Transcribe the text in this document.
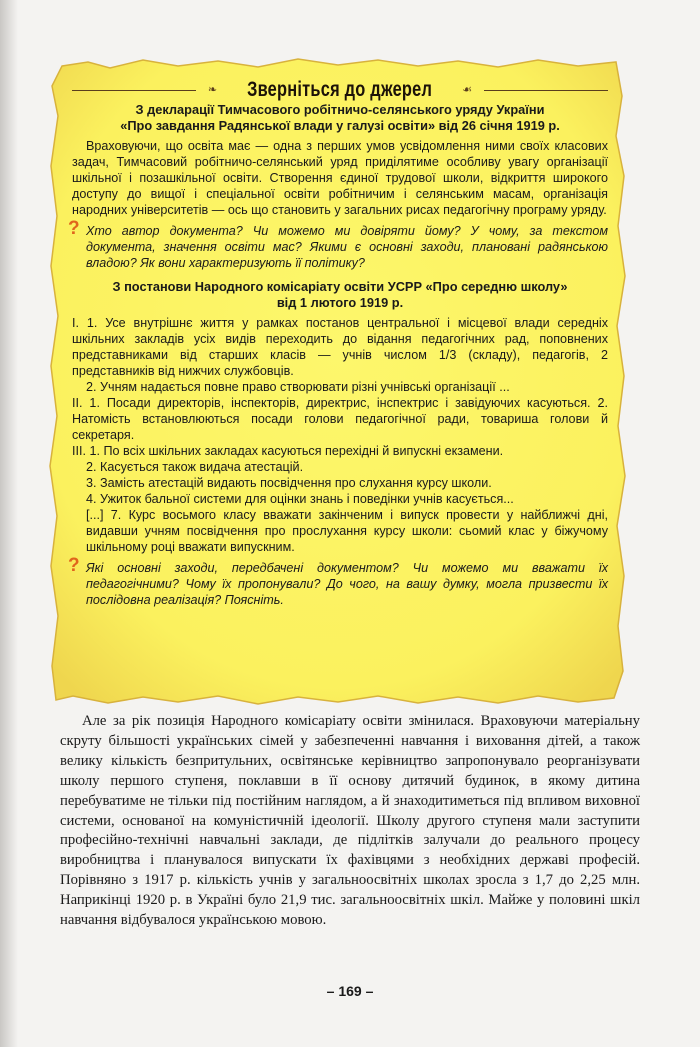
❧ Зверніться до джерел	☙
З декларації Тимчасового робітничо-селянського уряду України
«Про завдання Радянської влади у галузі освіти» від 26 січня 1919 р.

Враховуючи, що освіта має — одна з перших умов усвідомлення ними своїх класових задач, Тимчасовий робітничо-селянський уряд приділятиме особливу увагу організації шкільної і позашкільної освіти. Створення єдиної трудової школи, відкриття широкого доступу до вищої і спеціальної освіти робітничим і селянським масам, організація народних університетів — ось що становить у загальних рисах педагогічну програму уряду.

? Хто автор документа? Чи можемо ми довіряти йому? У чому, за текстом документа, значення освіти мас? Якими є основні заходи, плановані радянською владою? Як вони характеризують її політику?
З постанови Народного комісаріату освіти УСРР «Про середню школу»
від 1 лютого 1919 р.

І. 1. Усе внутрішнє життя у рамках постанов центральної і місцевої влади середніх шкільних закладів усіх видів переходить до відання педагогічних рад, поповнених представниками від старших класів — учнів числом 1/3 (складу), педагогів, 2 представників від нижчих службовців.

2. Учням надається повне право створювати різні учнівські організації ...

ІІ. 1. Посади директорів, інспекторів, директрис, інспектрис і завідуючих касуються. 2. Натомість встановлюються посади голови педагогічної ради, товариша голови й секретаря.

ІІІ. 1. По всіх шкільних закладах касуються перехідні й випускні екзамени.

2. Касується також видача атестацій.

3. Замість атестацій видають посвідчення про слухання курсу школи.

4. Ужиток бальної системи для оцінки знань і поведінки учнів касується...

[...] 7. Курс восьмого класу вважати закінченим і випуск провести у найближчі дні, видавши учням посвідчення про прослухання курсу школи: сьомий клас у біжучому шкільному році вважати випускним.

? Які основні заходи, передбачені документом? Чи можемо ми вважати їх педагогічними? Чому їх пропонували? До чого, на вашу думку, могла призвести їх послідовна реалізація? Поясніть.

Але за рік позиція Народного комісаріату освіти змінилася. Враховуючи матеріальну скруту більшості українських сімей у забезпеченні навчання і виховання дітей, а також велику кількість безпритульних, освітянське керівництво запропонувало реорганізувати школу першого ступеня, поклавши в її основу дитячий будинок, в якому дитина перебуватиме не тільки під постійним наглядом, а й знаходитиметься під впливом виховної системи, основаної на комуністичній ідеології. Школу другого ступеня мали заступити професійно-технічні навчальні заклади, де підлітків залучали до реального процесу виробництва і планувалося випускати їх фахівцями з необхідних державі професій. Порівняно з 1917 р. кількість учнів у загальноосвітніх школах зросла з 1,7 до 2,25 млн. Наприкінці 1920 р. в Україні було 21,9 тис. загальноосвітніх шкіл. Майже у половині шкіл навчання відбувалося українською мовою.

– 169 –
